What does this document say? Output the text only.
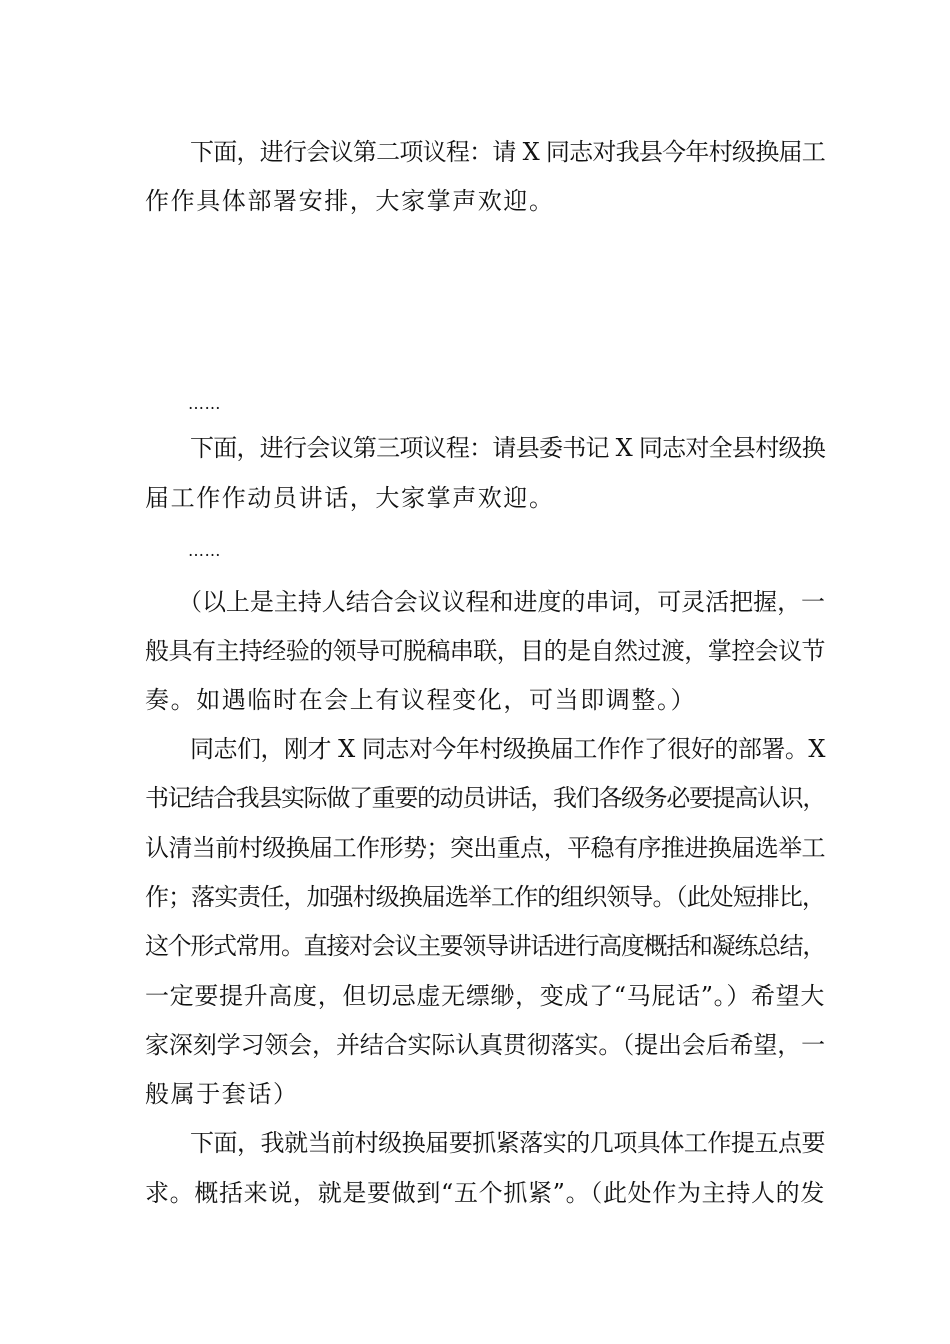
下面，进行会议第二项议程：请 X 同志对我县今年村级换届工
作作具体部署安排，大家掌声欢迎。
……
下面，进行会议第三项议程：请县委书记 X 同志对全县村级换
届工作作动员讲话，大家掌声欢迎。
……
（以上是主持人结合会议议程和进度的串词，可灵活把握，一
般具有主持经验的领导可脱稿串联，目的是自然过渡，掌控会议节
奏。如遇临时在会上有议程变化，可当即调整。）
同志们，刚才 X 同志对今年村级换届工作作了很好的部署。X
书记结合我县实际做了重要的动员讲话，我们各级务必要提高认识，
认清当前村级换届工作形势；突出重点，平稳有序推进换届选举工
作；落实责任，加强村级换届选举工作的组织领导。（此处短排比，
这个形式常用。直接对会议主要领导讲话进行高度概括和凝练总结，
一定要提升高度，但切忌虚无缥缈，变成了“马屁话”。）希望大
家深刻学习领会，并结合实际认真贯彻落实。（提出会后希望，一
般属于套话）
下面，我就当前村级换届要抓紧落实的几项具体工作提五点要
求。概括来说，就是要做到“五个抓紧”。（此处作为主持人的发
